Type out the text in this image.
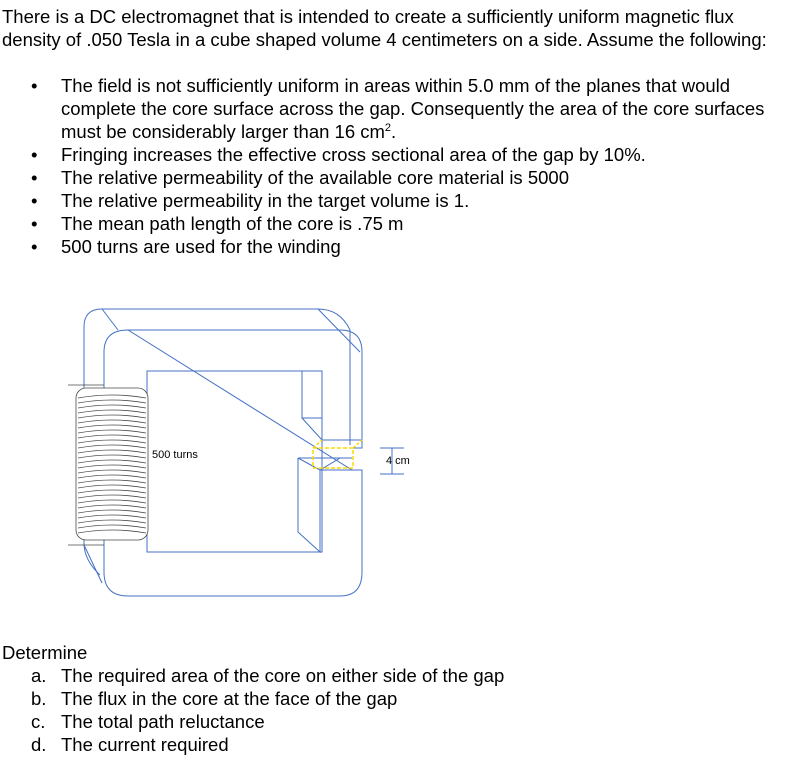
There is a DC electromagnet that is intended to create a sufficiently uniform magnetic flux density of .050 Tesla in a cube shaped volume 4 centimeters on a side. Assume the following:

• The field is not sufficiently uniform in areas within 5.0 mm of the planes that would complete the core surface across the gap. Consequently the area of the core surfaces must be considerably larger than 16 $cm^2$.
• Fringing increases the effective cross sectional area of the gap by 10%.
• The relative permeability of the available core material is 5000
• The relative permeability in the target volume is 1.
• The mean path length of the core is .75 m
• 500 turns are used for the winding
500 turns	4 cm

Determine

a. The required area of the core on either side of the gap
b. The flux in the core at the face of the gap
c. The total path reluctance
d. The current required
